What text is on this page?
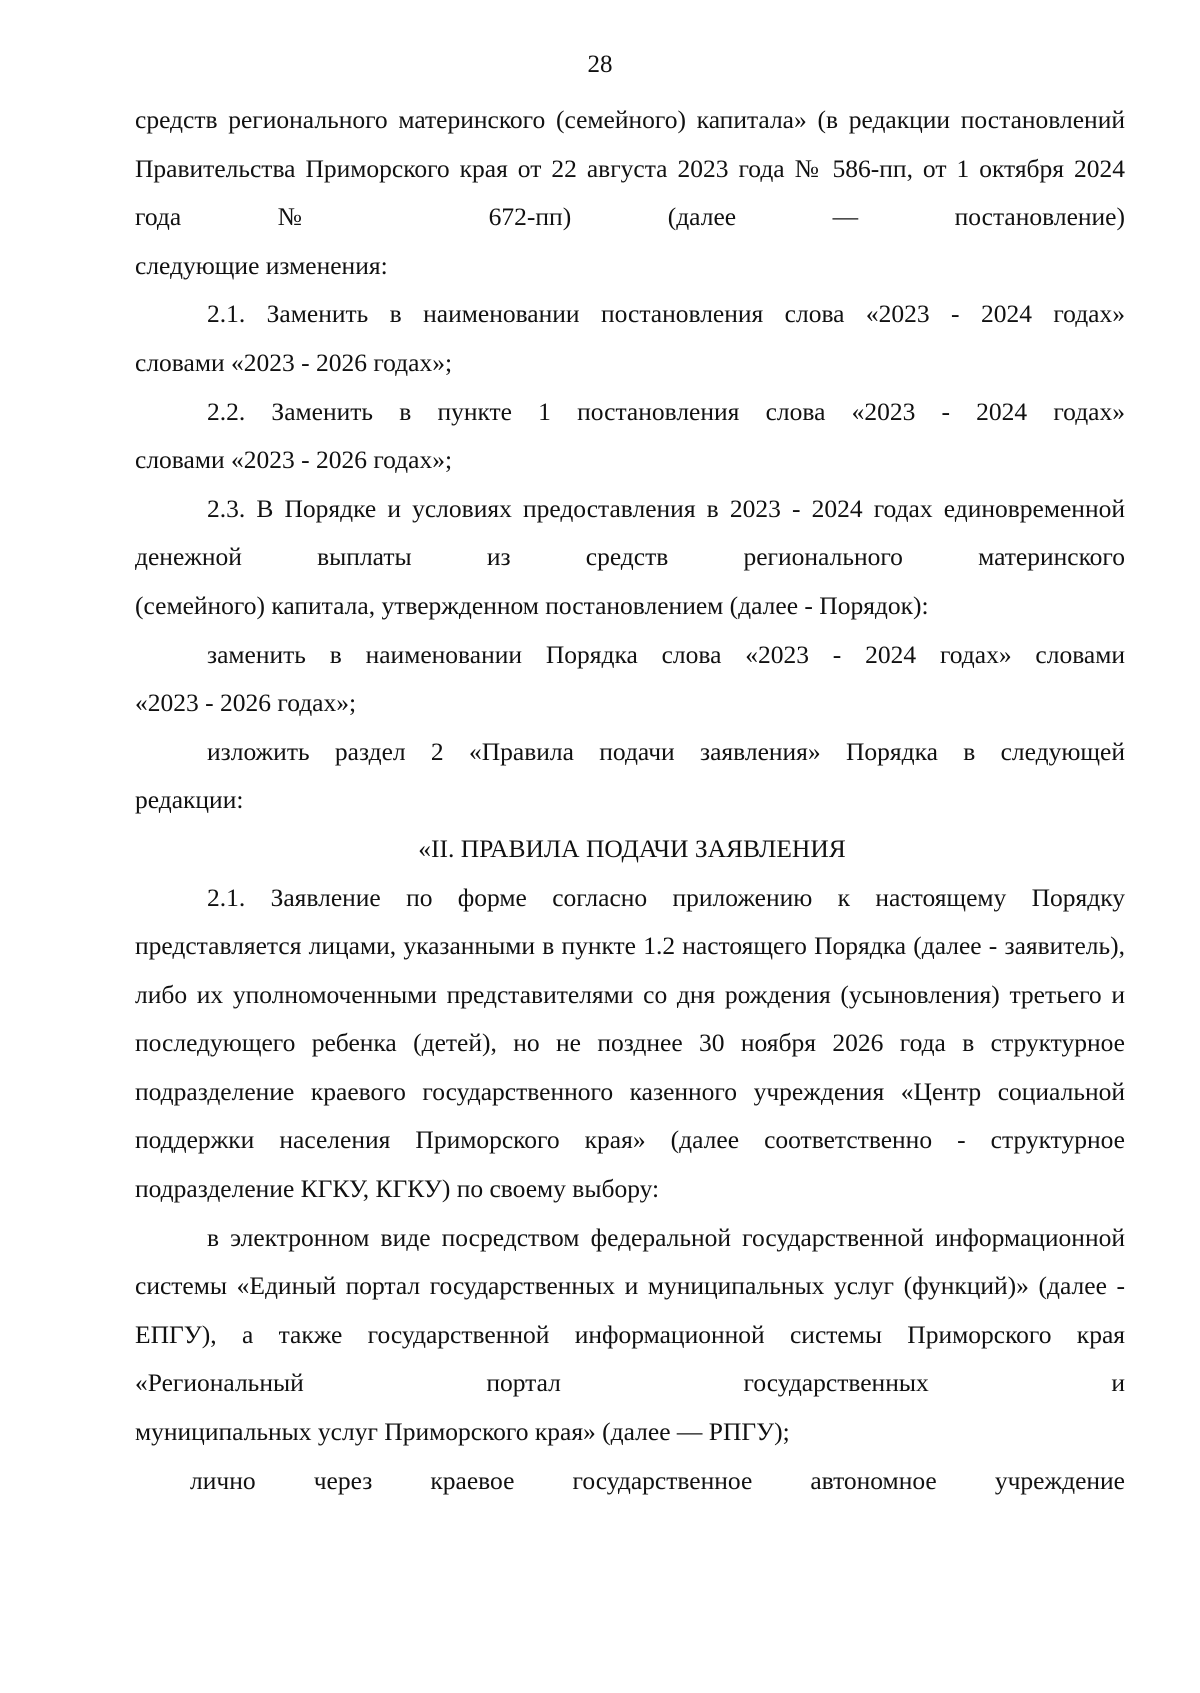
28

средств регионального материнского (семейного) капитала» (в редакции постановлений Правительства Приморского края от 22 августа 2023 года № 586-пп, от 1 октября 2024 года № 672-пп) (далее — постановление)

следующие изменения:

2.1. Заменить в наименовании постановления слова «2023 - 2024 годах»

словами «2023 - 2026 годах»;

2.2. Заменить в пункте 1 постановления слова «2023 - 2024 годах»

словами «2023 - 2026 годах»;

2.3. В Порядке и условиях предоставления в 2023 - 2024 годах единовременной денежной выплаты из средств регионального материнского

(семейного) капитала, утвержденном постановлением (далее - Порядок):

заменить в наименовании Порядка слова «2023 - 2024 годах» словами

«2023 - 2026 годах»;

изложить раздел 2 «Правила подачи заявления» Порядка в следующей

редакции:

«II. ПРАВИЛА ПОДАЧИ ЗАЯВЛЕНИЯ

2.1. Заявление по форме согласно приложению к настоящему Порядку представляется лицами, указанными в пункте 1.2 настоящего Порядка (далее - заявитель), либо их уполномоченными представителями со дня рождения (усыновления) третьего и последующего ребенка (детей), но не позднее 30 ноября 2026 года в структурное подразделение краевого государственного казенного учреждения «Центр социальной поддержки населения Приморского края» (далее соответственно - структурное

подразделение КГКУ, КГКУ) по своему выбору:

в электронном виде посредством федеральной государственной информационной системы «Единый портал государственных и муниципальных услуг (функций)» (далее - ЕПГУ), а также государственной информационной системы Приморского края «Региональный портал государственных и

муниципальных услуг Приморского края» (далее — РПГУ);

лично через краевое государственное автономное учреждение
